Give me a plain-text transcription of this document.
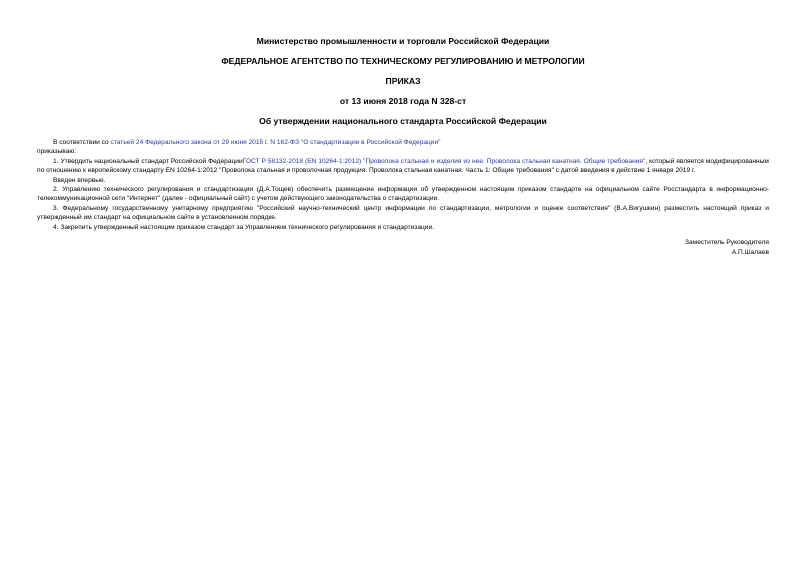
Министерство промышленности и торговли Российской Федерации
ФЕДЕРАЛЬНОЕ АГЕНТСТВО ПО ТЕХНИЧЕСКОМУ РЕГУЛИРОВАНИЮ И МЕТРОЛОГИИ
ПРИКАЗ
от 13 июня 2018 года N 328-ст
Об утверждении национального стандарта Российской Федерации

В соответствии со статьей 24 Федерального закона от 29 июня 2015 г. N 162-ФЗ "О стандартизации в Российской Федерации"

приказываю:

1. Утвердить национальный стандарт Российской ФедерацииГОСТ Р 58132-2018 (EN 10264-1:2012) "Проволока стальная и изделия из нее. Проволока стальная канатная. Общие требования", который является модифицированным по отношению к европейскому стандарту EN 10264-1:2012 "Проволока стальная и проволочная продукция. Проволока стальная канатная. Часть 1: Общие требования" с датой введения в действие 1 января 2019 г.

Введен впервые.

2. Управлению технического регулирования и стандартизации (Д.А.Тощев) обеспечить размещение информации об утвержденном настоящим приказом стандарте на официальном сайте Росстандарта в информационно-телекоммуникационной сети "Интернет" (далее - официальный сайт) с учетом действующего законодательства о стандартизации.

3. Федеральному государственному унитарному предприятию "Российский научно-технический центр информации по стандартизации, метрологии и оценке соответствия" (В.А.Вигушкин) разместить настоящий приказ и утвержденный им стандарт на официальном сайте в установленном порядке.

4. Закрепить утвержденный настоящим приказом стандарт за Управлением технического регулирования и стандартизации.

Заместитель Руководителя
А.П.Шалаев
